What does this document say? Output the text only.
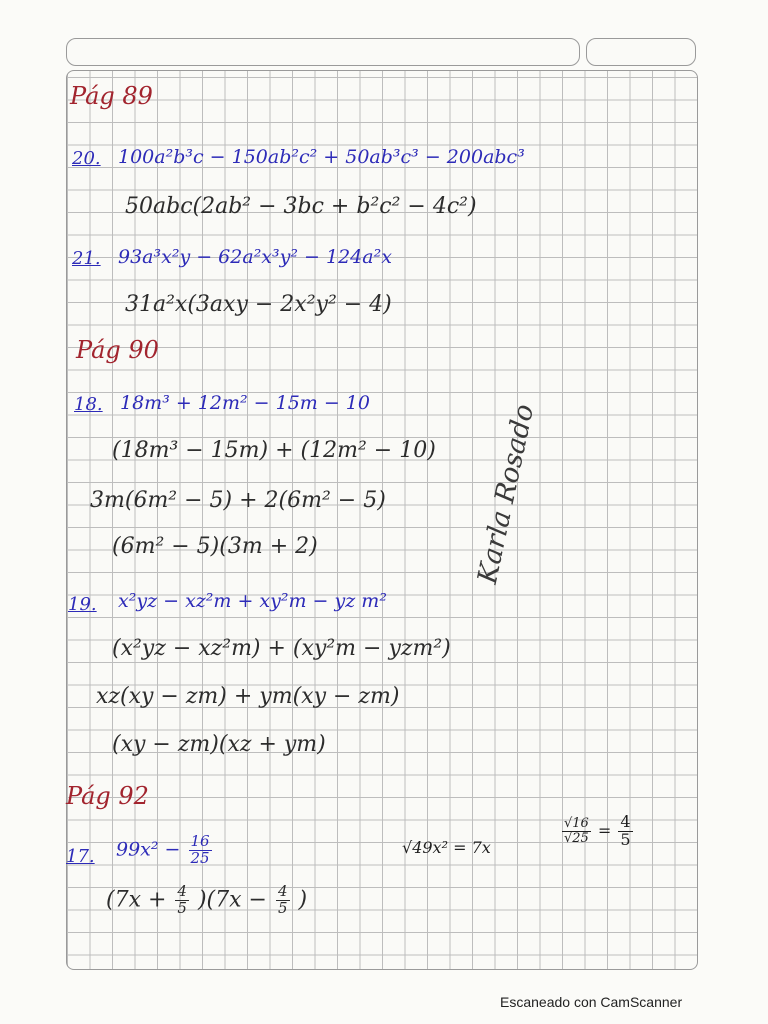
Pág 89
20. 100a²b³c − 150ab²c² + 50ab³c³ − 200abc³
50abc(2ab² − 3bc + b²c² − 4c²)
21. 93a³x²y − 62a²x³y² − 124a²x
31a²x(3axy − 2x²y² − 4)
Pág 90
18. 18m³ + 12m² − 15m − 10
(18m³ − 15m) + (12m² − 10)
3m(6m² − 5) + 2(6m² − 5)
(6m² − 5)(3m + 2)
19. x²yz − xz²m + xy²m − yz m²
(x²yz − xz²m) + (xy²m − yzm²)
xz(xy − zm) + ym(xy − zm)
(xy − zm)(xz + ym)
Pág 92
17. $99x^2 - \frac{16}{25}$	√49x² = 7x
$\frac{√16}{√25} = \frac{4}{5}$
$(7x + \frac{4}{5} )(7x - \frac{4}{5}$ )
Karla Rosado
Escaneado con CamScanner
